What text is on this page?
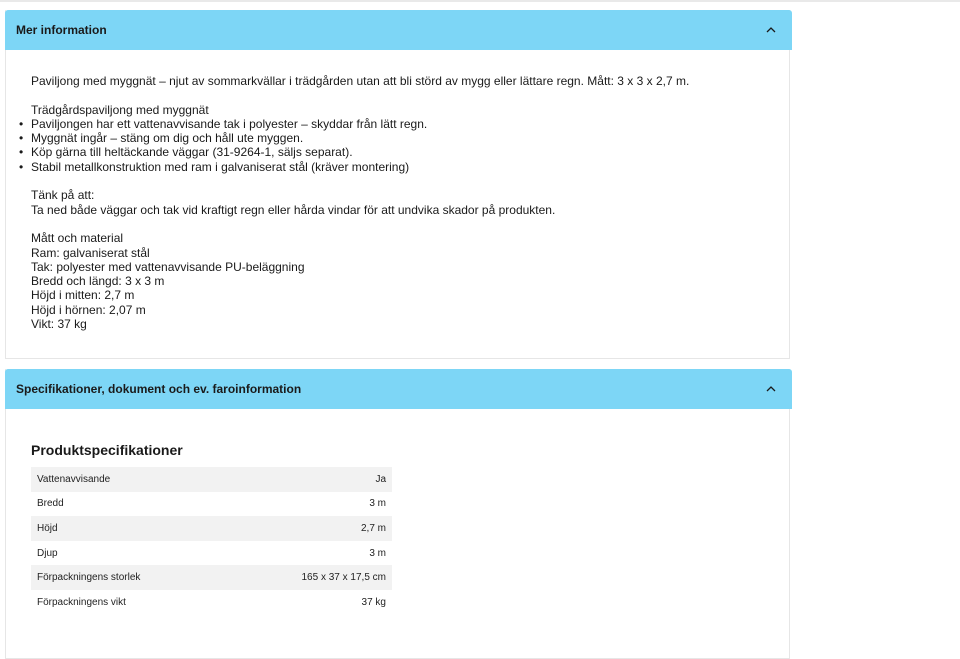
Mer information

Paviljong med myggnät – njut av sommarkvällar i trädgården utan att bli störd av mygg eller lättare regn. Mått: 3 x 3 x 2,7 m.

Trädgårdspaviljong med myggnät

• Paviljongen har ett vattenavvisande tak i polyester – skyddar från lätt regn.
• Myggnät ingår – stäng om dig och håll ute myggen.
• Köp gärna till heltäckande väggar (31-9264-1, säljs separat).
• Stabil metallkonstruktion med ram i galvaniserat stål (kräver montering)

Tänk på att:

Ta ned både väggar och tak vid kraftigt regn eller hårda vindar för att undvika skador på produkten.

Mått och material

Ram: galvaniserat stål

Tak: polyester med vattenavvisande PU-beläggning

Bredd och längd: 3 x 3 m

Höjd i mitten: 2,7 m

Höjd i hörnen: 2,07 m

Vikt: 37 kg

Specifikationer, dokument och ev. faroinformation
Produktspecifikationer
Vattenavvisande	Ja
Bredd	3 m
Höjd	2,7 m
Djup	3 m
Förpackningens storlek	165 x 37 x 17,5 cm
Förpackningens vikt	37 kg
